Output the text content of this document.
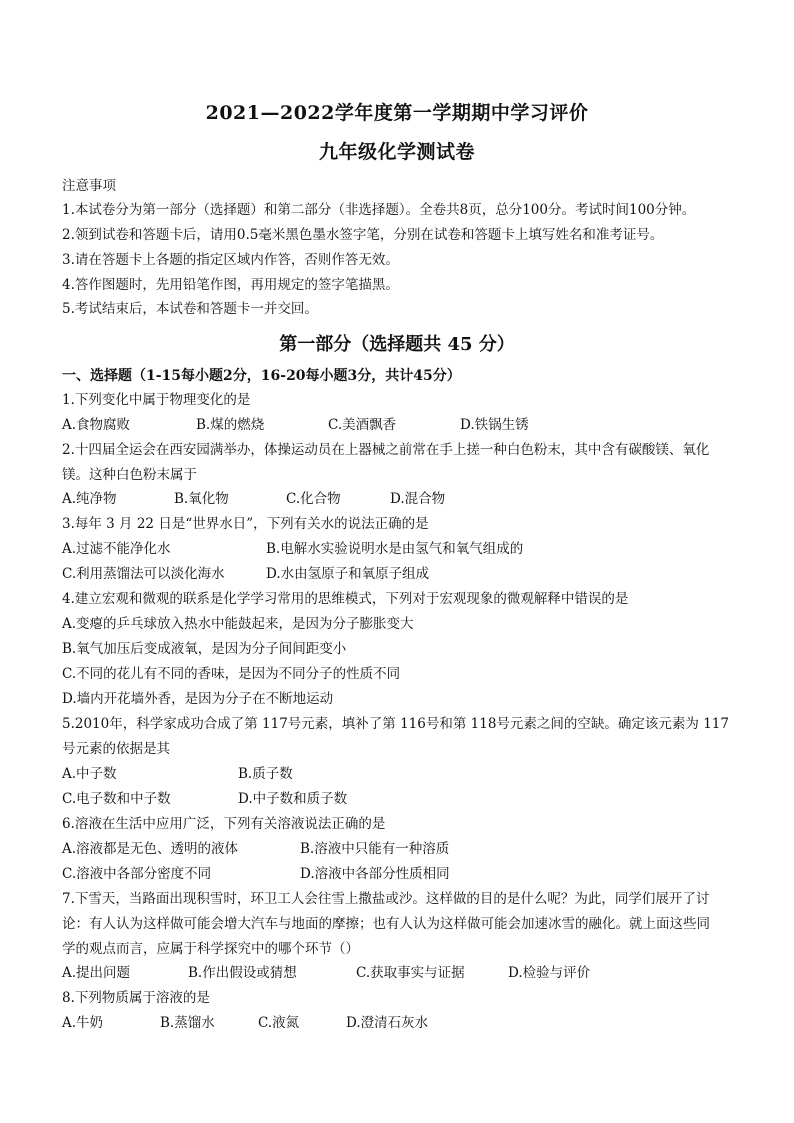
2021—2022学年度第一学期期中学习评价
九年级化学测试卷
注意事项
1.本试卷分为第一部分（选择题）和第二部分（非选择题）。全卷共8页，总分100分。考试时间100分钟。
2.领到试卷和答题卡后，请用0.5毫米黑色墨水签字笔，分别在试卷和答题卡上填写姓名和准考证号。
3.请在答题卡上各题的指定区域内作答，否则作答无效。
4.答作图题时，先用铅笔作图，再用规定的签字笔描黑。
5.考试结束后，本试卷和答题卡一并交回。
第一部分（选择题共 45 分）
一、选择题（1-15每小题2分，16-20每小题3分，共计45分）
1.下列变化中属于物理变化的是
A.食物腐败	B.煤的燃烧	C.美酒飘香	D.铁锅生锈
2.十四届全运会在西安园满举办，体操运动员在上器械之前常在手上搓一种白色粉末，其中含有碳酸镁、氧化
镁。这种白色粉末属于
A.纯净物	B.氧化物	C.化合物	D.混合物
3.每年 3 月 22 日是“世界水日”，下列有关水的说法正确的是
A.过滤不能净化水	B.电解水实验说明水是由氢气和氧气组成的
C.利用蒸馏法可以淡化海水	D.水由氢原子和氧原子组成
4.建立宏观和微观的联系是化学学习常用的思维模式，下列对于宏观现象的微观解释中错误的是
A.变瘪的乒乓球放入热水中能鼓起来，是因为分子膨胀变大
B.氧气加压后变成液氧，是因为分子间间距变小
C.不同的花儿有不同的香味，是因为不同分子的性质不同
D.墙内开花墙外香，是因为分子在不断地运动
5.2010年，科学家成功合成了第 117号元素，填补了第 116号和第 118号元素之间的空缺。确定该元素为 117
号元素的依据是其
A.中子数	B.质子数
C.电子数和中子数	D.中子数和质子数
6.溶液在生活中应用广泛，下列有关溶液说法正确的是
A.溶液都是无色、透明的液体	B.溶液中只能有一种溶质
C.溶液中各部分密度不同	D.溶液中各部分性质相同
7.下雪天，当路面出现积雪时，环卫工人会往雪上撒盐或沙。这样做的目的是什么呢？为此，同学们展开了讨
论：有人认为这样做可能会增大汽车与地面的摩擦；也有人认为这样做可能会加速冰雪的融化。就上面这些同
学的观点而言，应属于科学探究中的哪个环节（）
A.提出问题	B.作出假设或猜想	C.获取事实与证据	D.检验与评价
8.下列物质属于溶液的是
A.牛奶	B.蒸馏水	C.液氮	D.澄清石灰水
